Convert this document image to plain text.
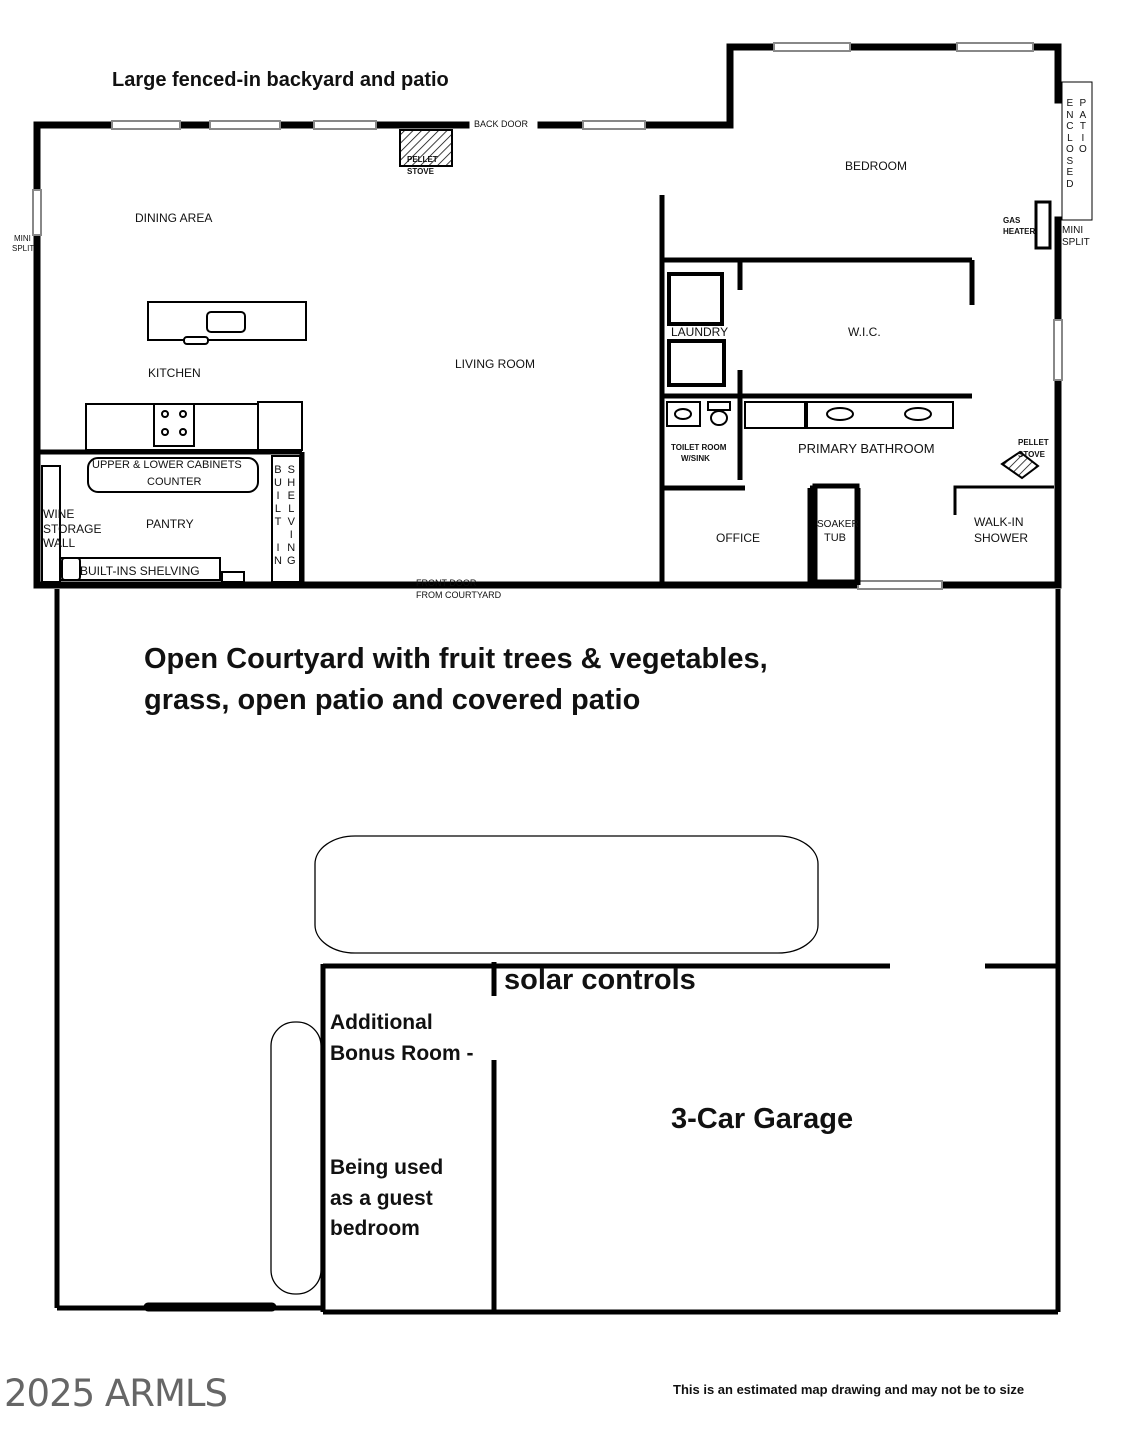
Large fenced-in backyard and patio
BACK DOOR
PELLET
STOVE
DINING AREA
MINI
SPLIT
KITCHEN
LIVING ROOM
UPPER & LOWER CABINETS
COUNTER
PANTRY
B
U
I
L
T

I
N
S
H
E
L
V
I
N
G
WINE
STORAGE
WALL
BUILT-INS SHELVING
FRONT DOOR
FROM COURTYARD
BEDROOM
E
N
C
L
O
S
E
D
P
A
T
I
O
GAS
HEATER	MINI
SPLIT
LAUNDRY	W.I.C.
TOILET ROOM
W/SINK
PRIMARY BATHROOM	PELLET
STOVE
OFFICE
SOAKER
TUB
WALK-IN
SHOWER
Open Courtyard with fruit trees & vegetables,
grass, open patio and covered patio
solar controls
Additional
Bonus Room -
Being used
as a guest
bedroom
3-Car Garage
2025 ARMLS	This is an estimated map drawing and may not be to size
